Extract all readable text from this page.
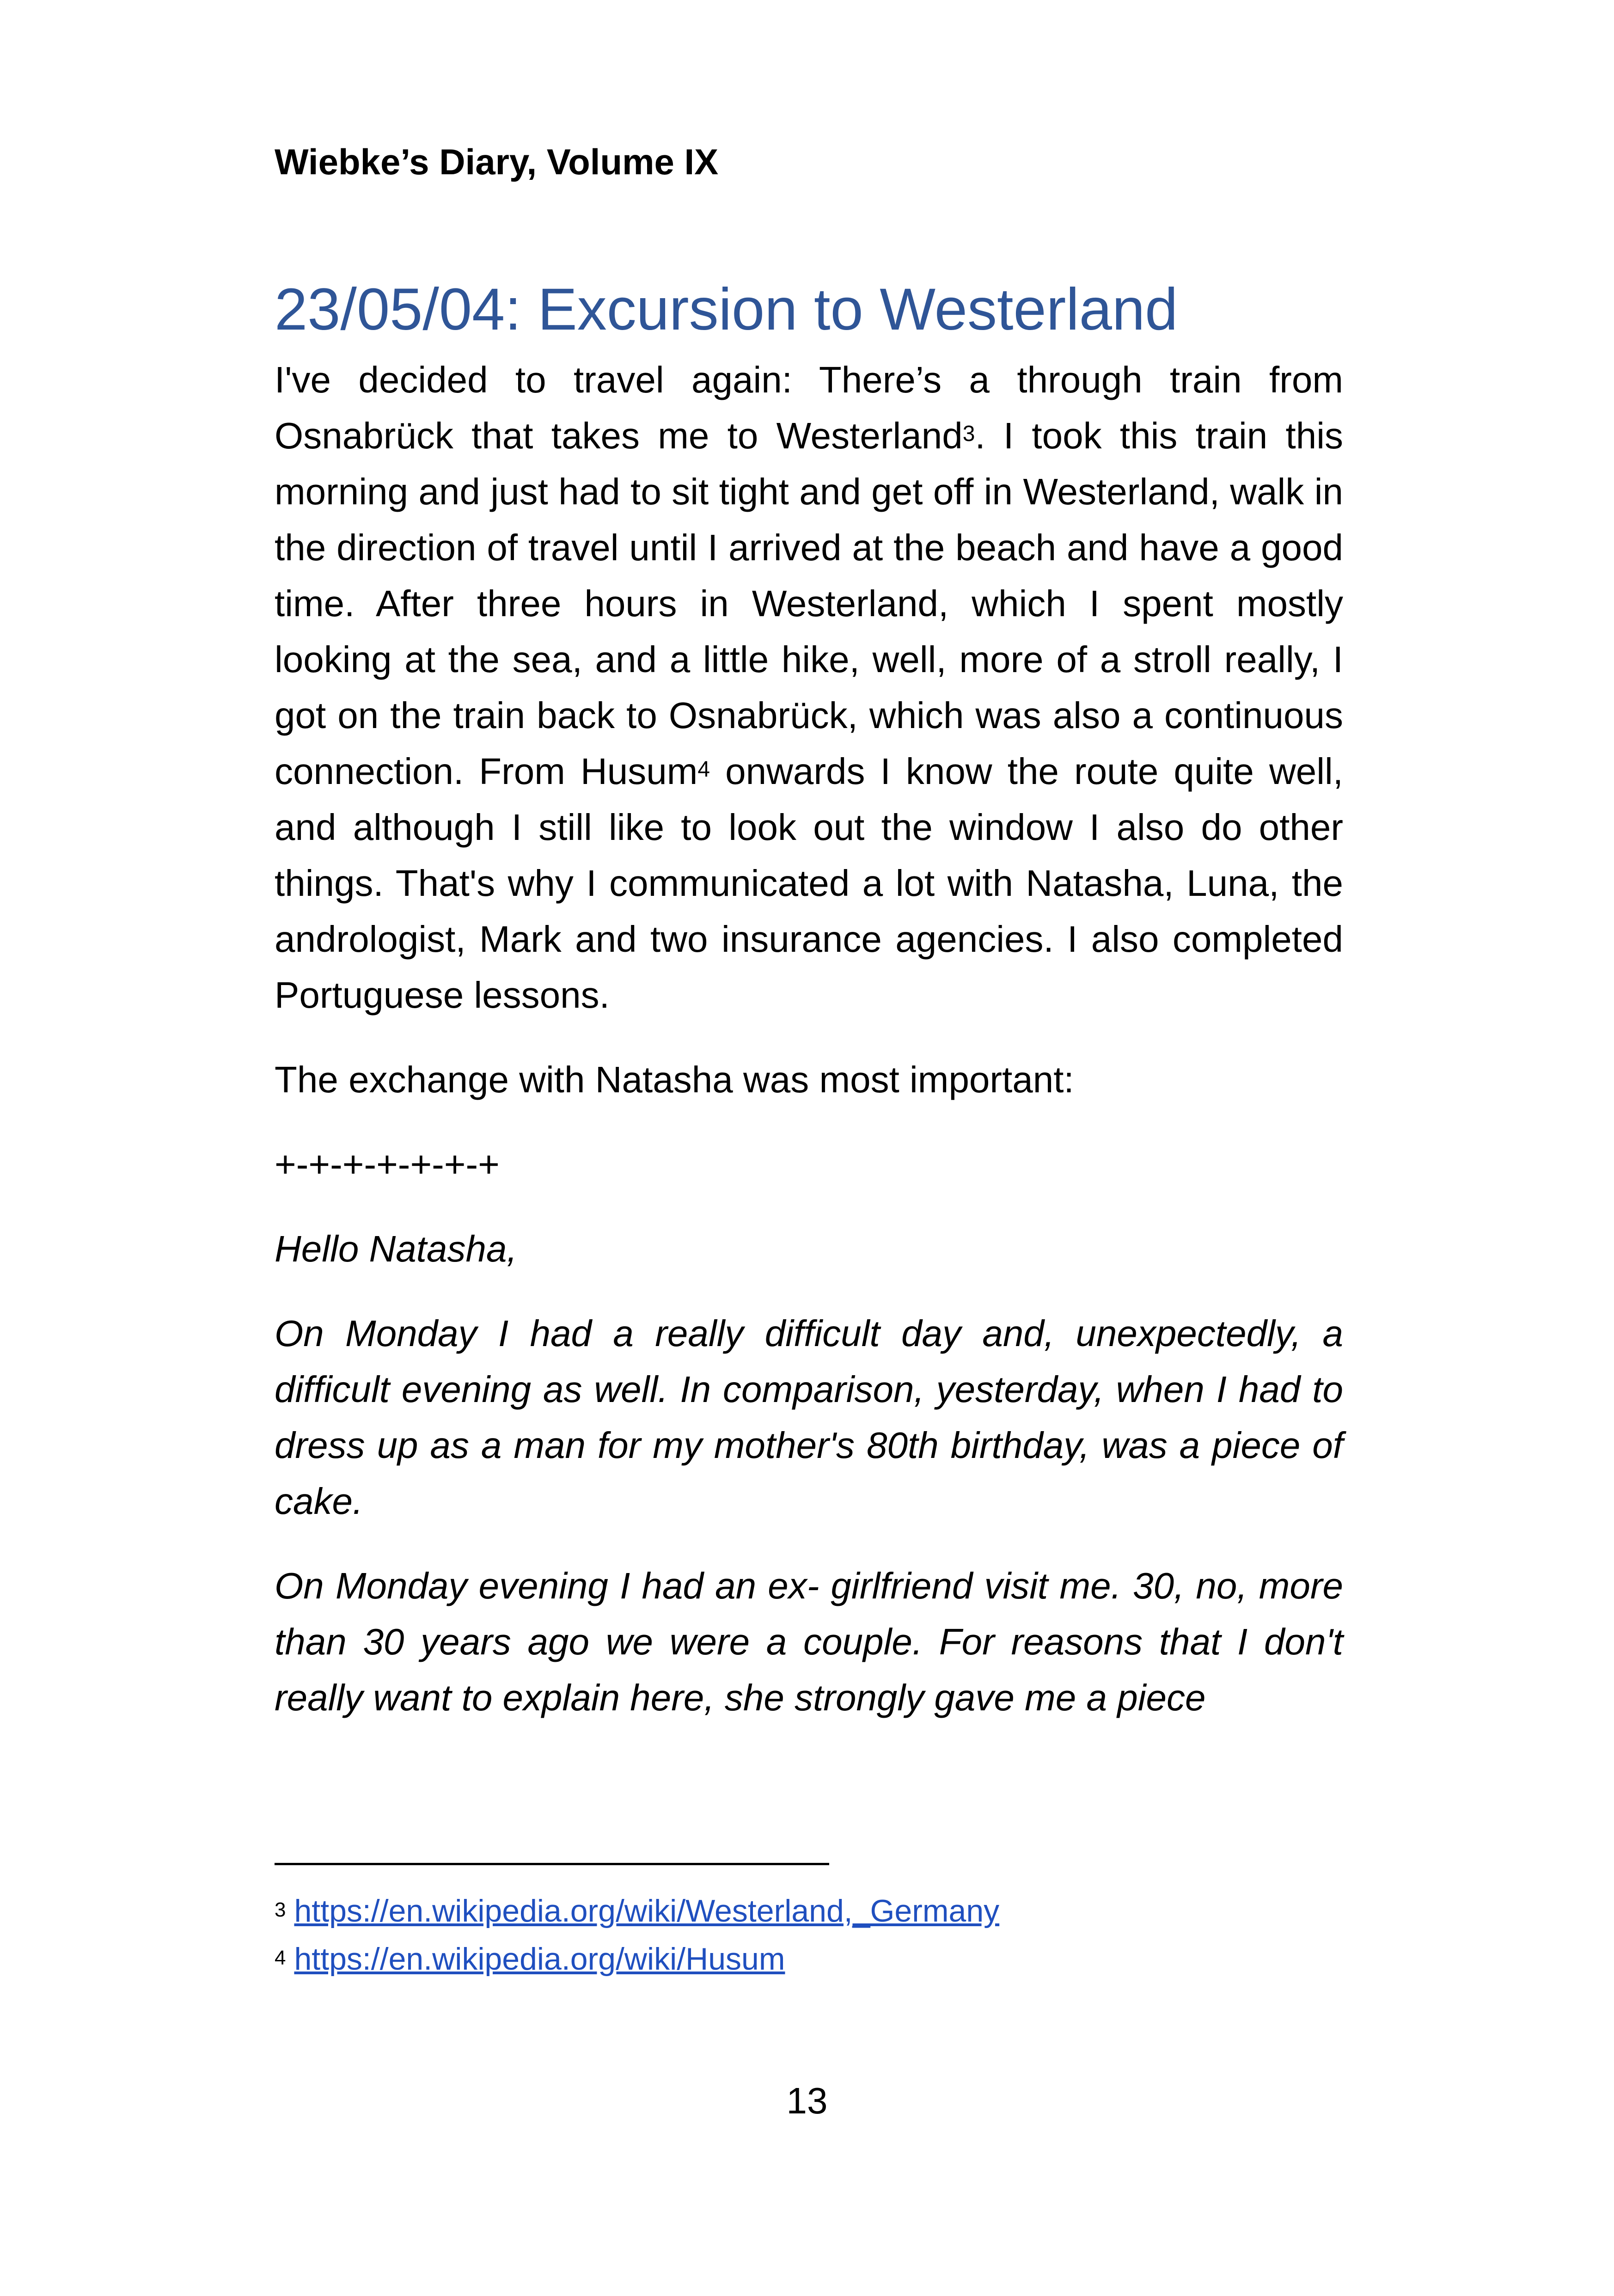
Wiebke’s Diary, Volume IX
23/05/04: Excursion to Westerland

I've decided to travel again: There’s a through train from Osnabrück that takes me to Westerland$^3$. I took this train this morning and just had to sit tight and get off in Westerland, walk in the direction of travel until I arrived at the beach and have a good time. After three hours in Westerland, which I spent mostly looking at the sea, and a little hike, well, more of a stroll really, I got on the train back to Osnabrück, which was also a continuous connection. From Husum$^4$ onwards I know the route quite well, and although I still like to look out the window I also do other things. That's why I communicated a lot with Natasha, Luna, the andrologist, Mark and two insurance agencies. I also completed Portuguese lessons.

The exchange with Natasha was most important:

+-+-+-+-+-+-+

Hello Natasha,

On Monday I had a really difficult day and, unexpectedly, a difficult evening as well. In comparison, yesterday, when I had to dress up as a man for my mother's 80th birthday, was a piece of cake.

On Monday evening I had an ex- girlfriend visit me. 30, no, more than 30 years ago we were a couple. For reasons that I don't really want to explain here, she strongly gave me a piece

$^3$ https://en.wikipedia.org/wiki/Westerland,_Germany
$^4$ https://en.wikipedia.org/wiki/Husum
13
